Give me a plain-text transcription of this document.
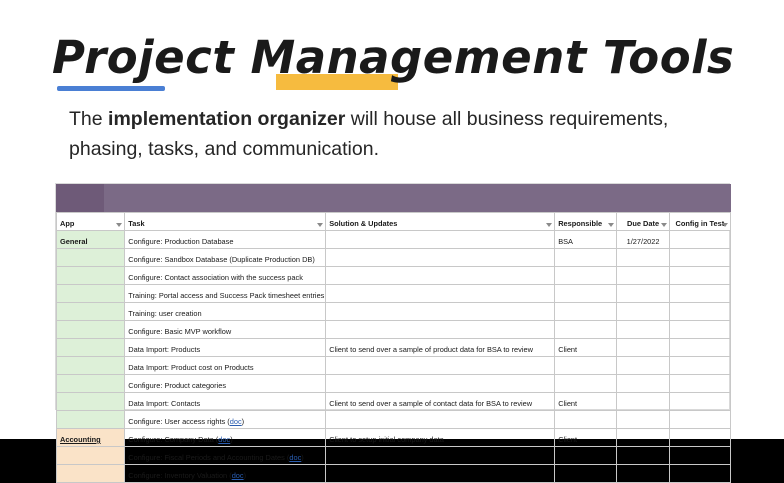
Project Management Tools
The implementation organizer will house all business requirements, phasing, tasks, and communication.
App	Task	Solution & Updates	Responsible	Due Date	Config in Test

General	Configure: Production Database		BSA	1/27/2022	
	Configure: Sandbox Database (Duplicate Production DB)				
	Configure: Contact association with the success pack				
	Training: Portal access and Success Pack timesheet entries				
	Training: user creation				
	Configure: Basic MVP workflow				
	Data Import: Products	Client to send over a sample of product data for BSA to review	Client		
	Data Import: Product cost on Products				
	Configure: Product categories				
	Data Import: Contacts	Client to send over a sample of contact data for BSA to review	Client		
	Configure: User access rights (doc)				
Accounting	Configure: Company Data (doc)	Client to setup initial company data	Client		
	Configure: Fiscal Periods and Accounting Dates (doc)				
	Configure: Inventory Valuation (doc)				
